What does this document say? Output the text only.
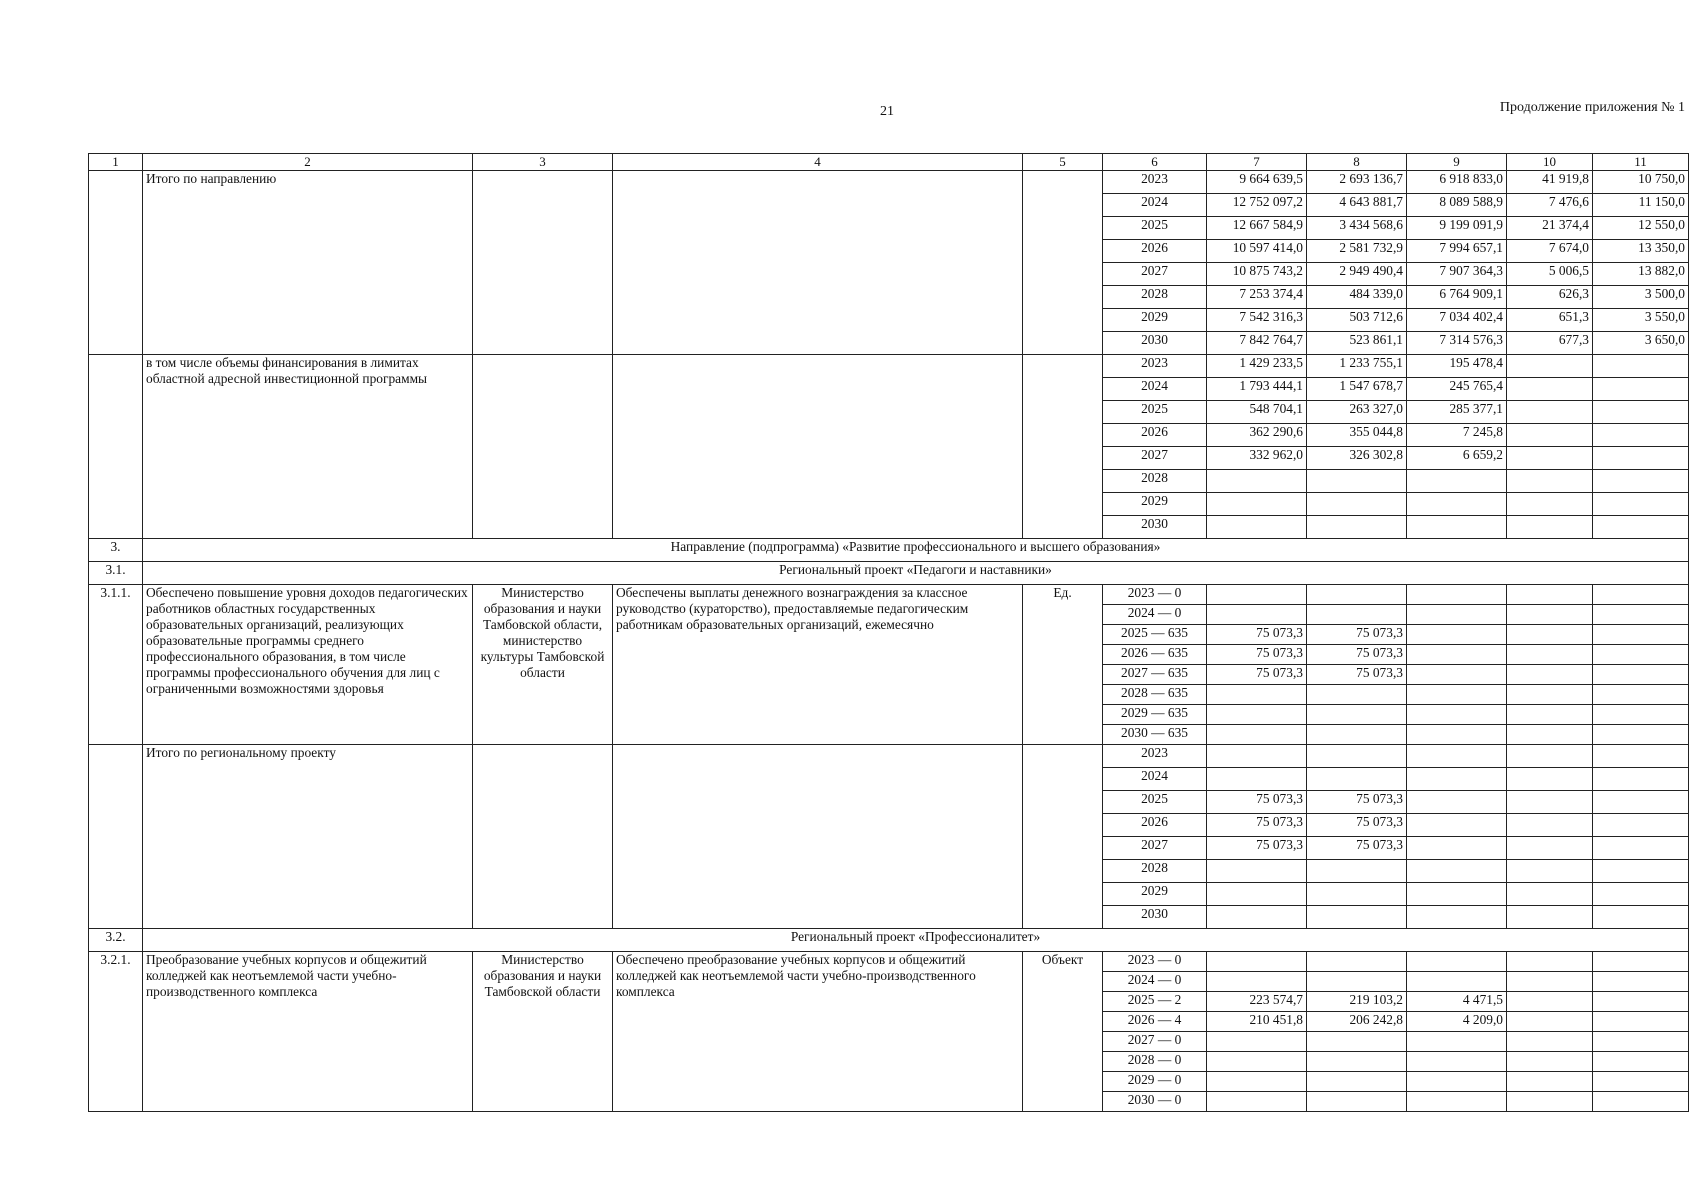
21	Продолжение приложения № 1
1	2	3	4	5	6	7	8	9	10	11
	Итого по направлению				2023	9 664 639,5	2 693 136,7	6 918 833,0	41 919,8	10 750,0
					2024	12 752 097,2	4 643 881,7	8 089 588,9	7 476,6	11 150,0
					2025	12 667 584,9	3 434 568,6	9 199 091,9	21 374,4	12 550,0
					2026	10 597 414,0	2 581 732,9	7 994 657,1	7 674,0	13 350,0
					2027	10 875 743,2	2 949 490,4	7 907 364,3	5 006,5	13 882,0
					2028	7 253 374,4	484 339,0	6 764 909,1	626,3	3 500,0
					2029	7 542 316,3	503 712,6	7 034 402,4	651,3	3 550,0
					2030	7 842 764,7	523 861,1	7 314 576,3	677,3	3 650,0
	в том числе объемы финансирования в лимитах областной адресной инвестиционной программы				2023	1 429 233,5	1 233 755,1	195 478,4		
					2024	1 793 444,1	1 547 678,7	245 765,4		
					2025	548 704,1	263 327,0	285 377,1		
					2026	362 290,6	355 044,8	7 245,8		
					2027	332 962,0	326 302,8	6 659,2		
					2028					
					2029					
					2030					
3.	Направление (подпрограмма) «Развитие профессионального и высшего образования»									
3.1.	Региональный проект «Педагоги и наставники»									
3.1.1.	Обеспечено повышение уровня доходов педагогических работников областных государственных образовательных организаций, реализующих образовательные программы среднего профессионального образования, в том числе программы профессионального обучения для лиц с ограниченными возможностями здоровья	Министерство образования и науки Тамбовской области, министерство культуры Тамбовской области	Обеспечены выплаты денежного вознаграждения за классное руководство (кураторство), предоставляемые педагогическим работникам образовательных организаций, ежемесячно	Ед.	2023 — 0					
					2024 — 0					
					2025 — 635	75 073,3	75 073,3			
					2026 — 635	75 073,3	75 073,3			
					2027 — 635	75 073,3	75 073,3			
					2028 — 635					
					2029 — 635					
					2030 — 635					
	Итого по региональному проекту				2023					
					2024					
					2025	75 073,3	75 073,3			
					2026	75 073,3	75 073,3			
					2027	75 073,3	75 073,3			
					2028					
					2029					
					2030					
3.2.	Региональный проект «Профессионалитет»									
3.2.1.	Преобразование учебных корпусов и общежитий колледжей как неотъемлемой части учебно-производственного комплекса	Министерство образования и науки Тамбовской области	Обеспечено преобразование учебных корпусов и общежитий колледжей как неотъемлемой части учебно-производственного комплекса	Объект	2023 — 0					
					2024 — 0					
					2025 — 2	223 574,7	219 103,2	4 471,5		
					2026 — 4	210 451,8	206 242,8	4 209,0		
					2027 — 0					
					2028 — 0					
					2029 — 0					
					2030 — 0					
